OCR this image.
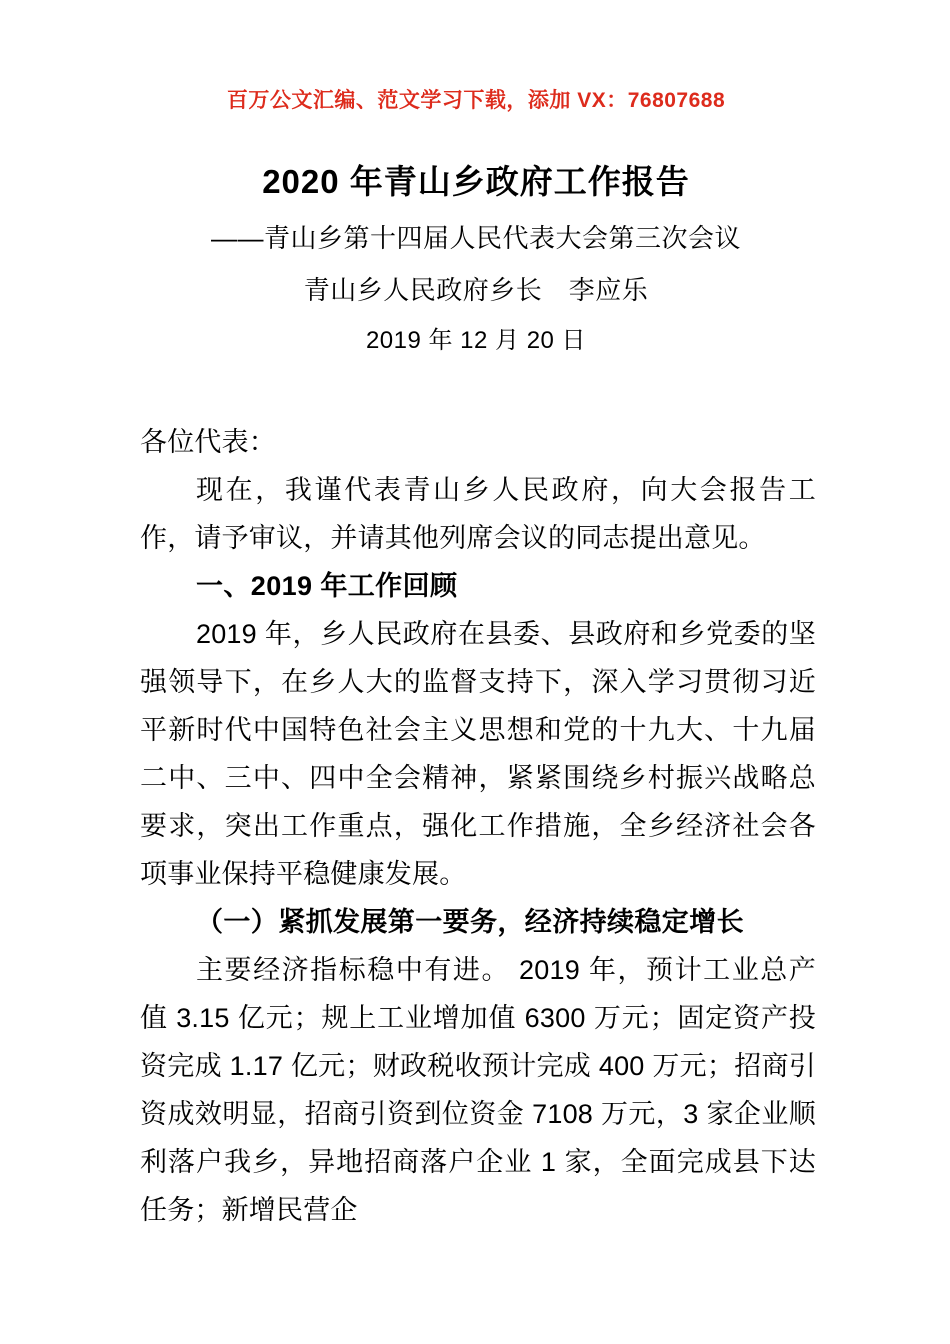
百万公文汇编、范文学习下载，添加 VX：76807688
2020 年青山乡政府工作报告
——青山乡第十四届人民代表大会第三次会议
青山乡人民政府乡长　李应乐
2019 年 12 月 20 日

各位代表：

现在，我谨代表青山乡人民政府，向大会报告工作，请予审议，并请其他列席会议的同志提出意见。

一、2019 年工作回顾

2019 年，乡人民政府在县委、县政府和乡党委的坚强领导下，在乡人大的监督支持下，深入学习贯彻习近平新时代中国特色社会主义思想和党的十九大、十九届二中、三中、四中全会精神，紧紧围绕乡村振兴战略总要求，突出工作重点，强化工作措施，全乡经济社会各项事业保持平稳健康发展。

（一）紧抓发展第一要务，经济持续稳定增长

主要经济指标稳中有进。 2019 年，预计工业总产值 3.15 亿元；规上工业增加值 6300 万元；固定资产投资完成 1.17 亿元；财政税收预计完成 400 万元；招商引资成效明显，招商引资到位资金 7108 万元，3 家企业顺利落户我乡，异地招商落户企业 1 家，全面完成县下达任务；新增民营企
